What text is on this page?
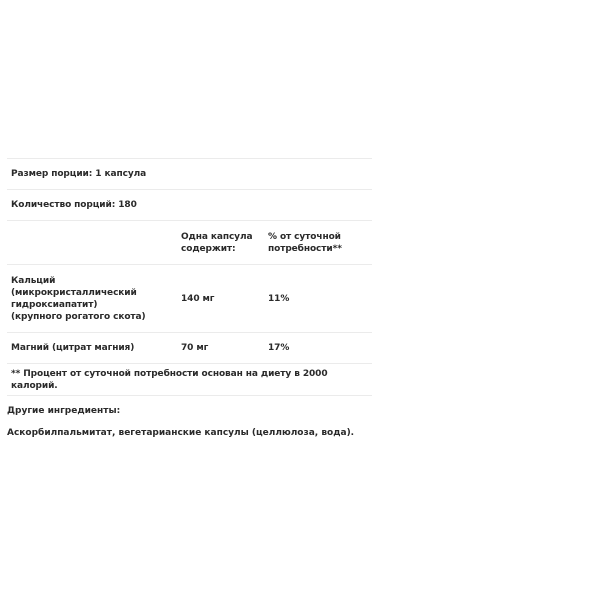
Размер порции: 1 капсула		
Количество порций: 180		

	Одна капсула содержит:	% от суточной потребности**

Кальций (микрокристаллический гидроксиапатит) (крупного рогатого скота)	140 мг	11%
Магний (цитрат магния)	70 мг	17%
** Процент от суточной потребности основан на диету в 2000 калорий.		
Другие ингредиенты:
Аскорбилпальмитат, вегетарианские капсулы (целлюлоза, вода).
